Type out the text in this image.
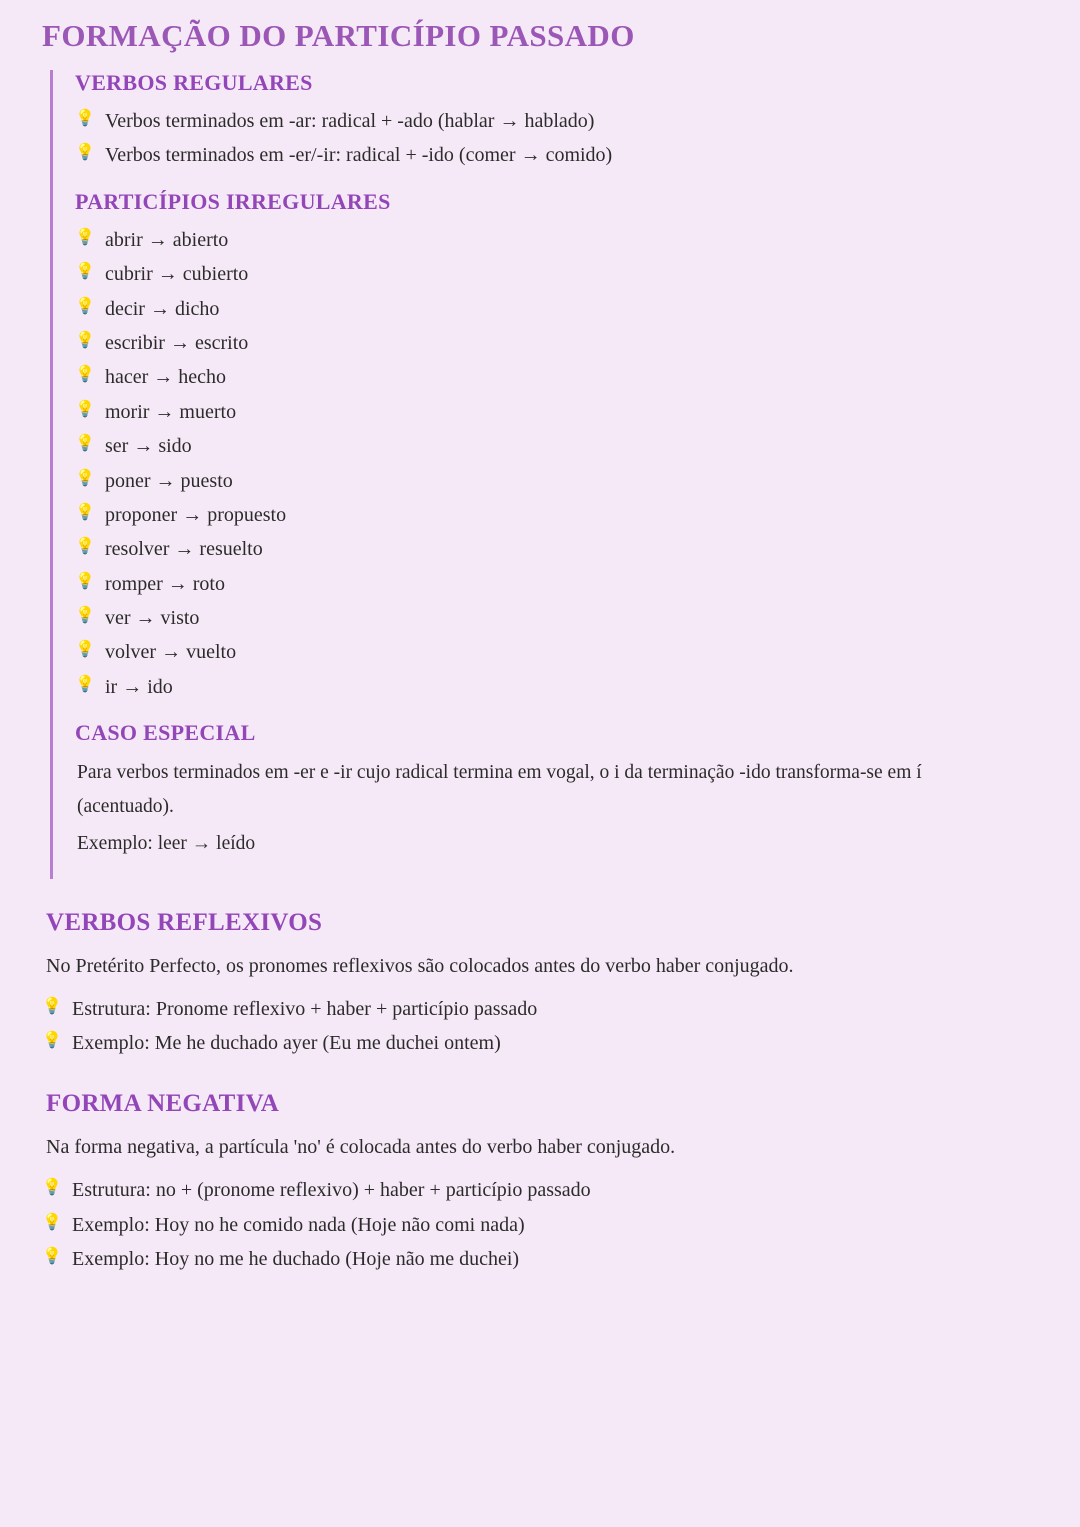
FORMAÇÃO DO PARTICÍPIO PASSADO
VERBOS REGULARES
💡 Verbos terminados em -ar: radical + -ado (hablar → hablado)
💡 Verbos terminados em -er/-ir: radical + -ido (comer → comido)
PARTICÍPIOS IRREGULARES
💡 abrir → abierto
💡 cubrir → cubierto
💡 decir → dicho
💡 escribir → escrito
💡 hacer → hecho
💡 morir → muerto
💡 ser → sido
💡 poner → puesto
💡 proponer → propuesto
💡 resolver → resuelto
💡 romper → roto
💡 ver → visto
💡 volver → vuelto
💡 ir → ido
CASO ESPECIAL
Para verbos terminados em -er e -ir cujo radical termina em vogal, o i da terminação -ido transforma-se em í (acentuado).
Exemplo: leer → leído
VERBOS REFLEXIVOS
No Pretérito Perfecto, os pronomes reflexivos são colocados antes do verbo haber conjugado.
💡 Estrutura: Pronome reflexivo + haber + particípio passado
💡 Exemplo: Me he duchado ayer (Eu me duchei ontem)
FORMA NEGATIVA
Na forma negativa, a partícula 'no' é colocada antes do verbo haber conjugado.
💡 Estrutura: no + (pronome reflexivo) + haber + particípio passado
💡 Exemplo: Hoy no he comido nada (Hoje não comi nada)
💡 Exemplo: Hoy no me he duchado (Hoje não me duchei)
